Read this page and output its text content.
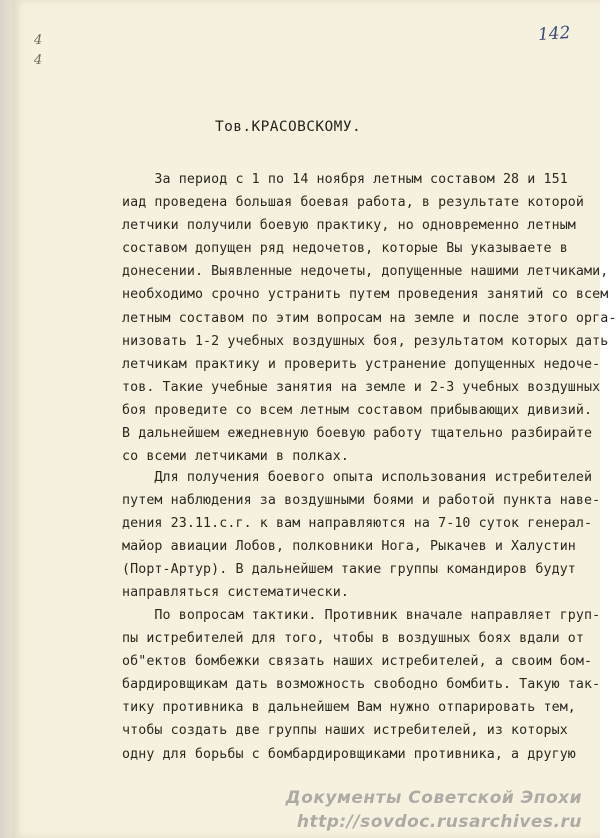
4
4
142
Тов.КРАСОВСКОМУ.
За период с 1 по 14 ноября летным составом 28 и 151
иад проведена большая боевая работа, в результате которой
летчики получили боевую практику, но одновременно летным
составом допущен ряд недочетов, которые Вы указываете в
донесении. Выявленные недочеты, допущенные нашими летчиками,
необходимо срочно устранить путем проведения занятий со всем
летным составом по этим вопросам на земле и после этого орга-
низовать 1-2 учебных воздушных боя, результатом которых дать
летчикам практику и проверить устранение допущенных недочe-
тов. Такие учебные занятия на земле и 2-3 учебных воздушных
боя проведите со всем летным составом прибывающих дивизий.
В дальнейшем ежедневную боевую работу тщательно разбирайте
со всеми летчиками в полках.
Для получения боевого опыта использования истребителей
путем наблюдения за воздушными боями и работой пункта наве-
дения 23.11.с.г. к вам направляются на 7-10 суток генерал-
майор авиации Лобов, полковники Нога, Рыкачев и Халустин
(Порт-Артур). В дальнейшем такие группы командиров будут
направляться систематически.
По вопросам тактики. Противник вначале направляет груп-
пы истребителей для того, чтобы в воздушных боях вдали от
об"ектов бомбежки связать наших истребителей, а своим бом-
бардировщикам дать возможность свободно бомбить. Такую так-
тику противника в дальнейшем Вам нужно отпарировать тем,
чтобы создать две группы наших истребителей, из которых
одну для борьбы с бомбардировщиками противника, а другую
Документы Советской Эпохи
http://sovdoc.rusarchives.ru
